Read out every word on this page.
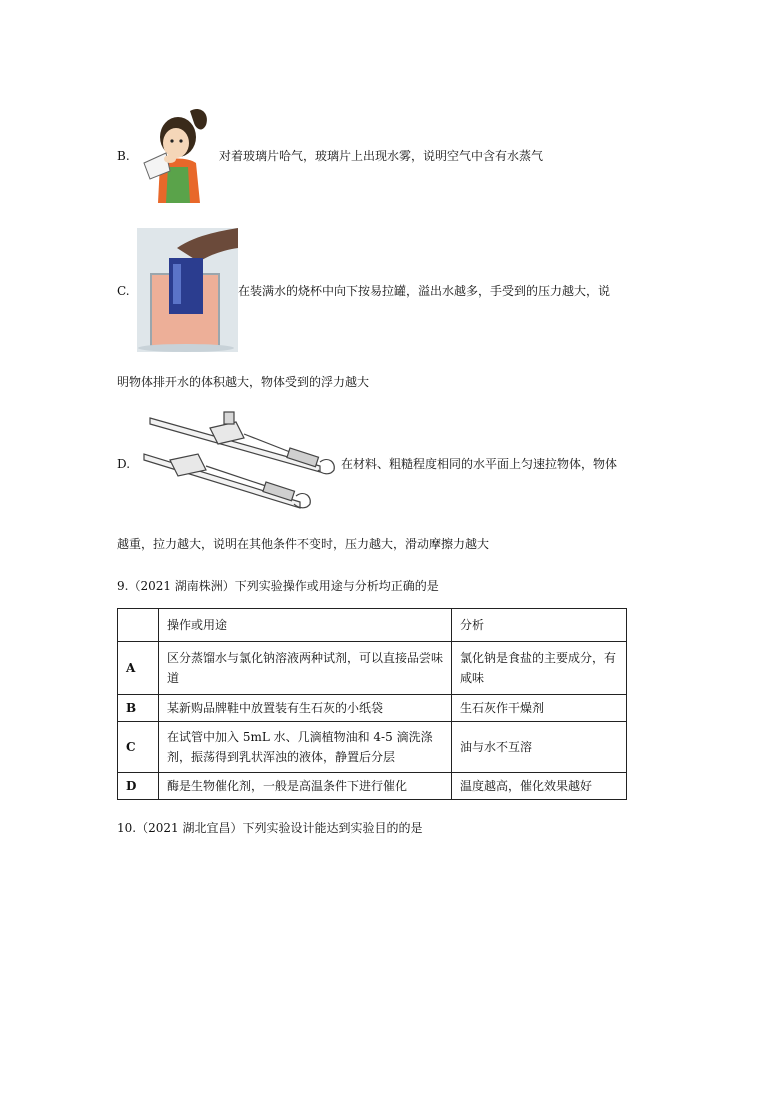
B.	对着玻璃片哈气，玻璃片上出现水雾，说明空气中含有水蒸气
C.	在装满水的烧杯中向下按易拉罐，溢出水越多，手受到的压力越大，说
明物体排开水的体积越大，物体受到的浮力越大
D.	在材料、粗糙程度相同的水平面上匀速拉物体，物体
越重，拉力越大，说明在其他条件不变时，压力越大，滑动摩擦力越大
9.（2021 湖南株洲）下列实验操作或用途与分析均正确的是
	操作或用途	分析
A	区分蒸馏水与氯化钠溶液两种试剂，可以直接品尝味道	氯化钠是食盐的主要成分，有咸味
B	某新购品牌鞋中放置装有生石灰的小纸袋	生石灰作干燥剂
C	在试管中加入 5mL 水、几滴植物油和 4-5 滴洗涤剂，振荡得到乳状浑浊的液体，静置后分层	油与水不互溶
D	酶是生物催化剂，一般是高温条件下进行催化	温度越高，催化效果越好
10.（2021 湖北宜昌）下列实验设计能达到实验目的的是
